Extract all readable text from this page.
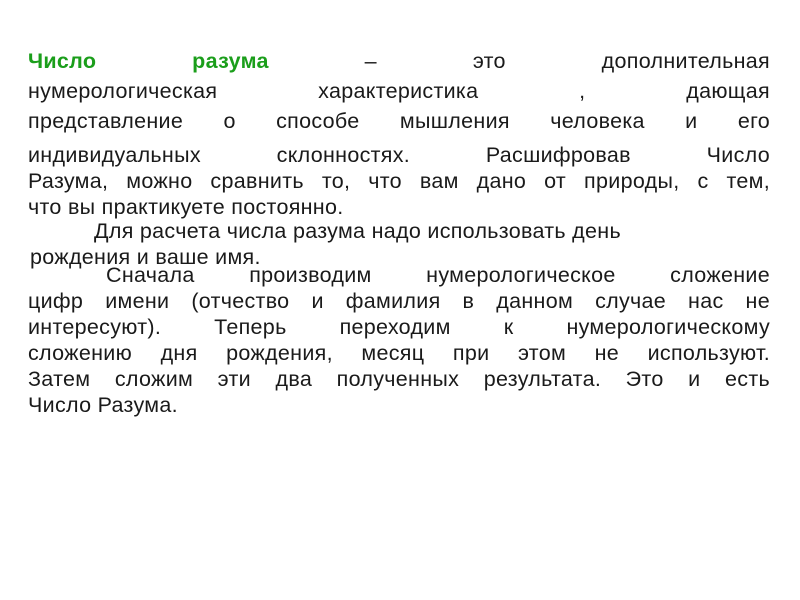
Число разума – это дополнительная
нумерологическая характеристика , дающая
представление о способе мышления человека и его
индивидуальных склонностях. Расшифровав Число
Разума, можно сравнить то, что вам дано от природы, с тем,
что вы практикуете постоянно.
Для расчета числа разума надо использовать день
рождения и ваше имя.
Сначала производим нумерологическое сложение
цифр имени (отчество и фамилия в данном случае нас не
интересуют). Теперь переходим к нумерологическому
сложению дня рождения, месяц при этом не используют.
Затем сложим эти два полученных результата. Это и есть
Число Разума.
